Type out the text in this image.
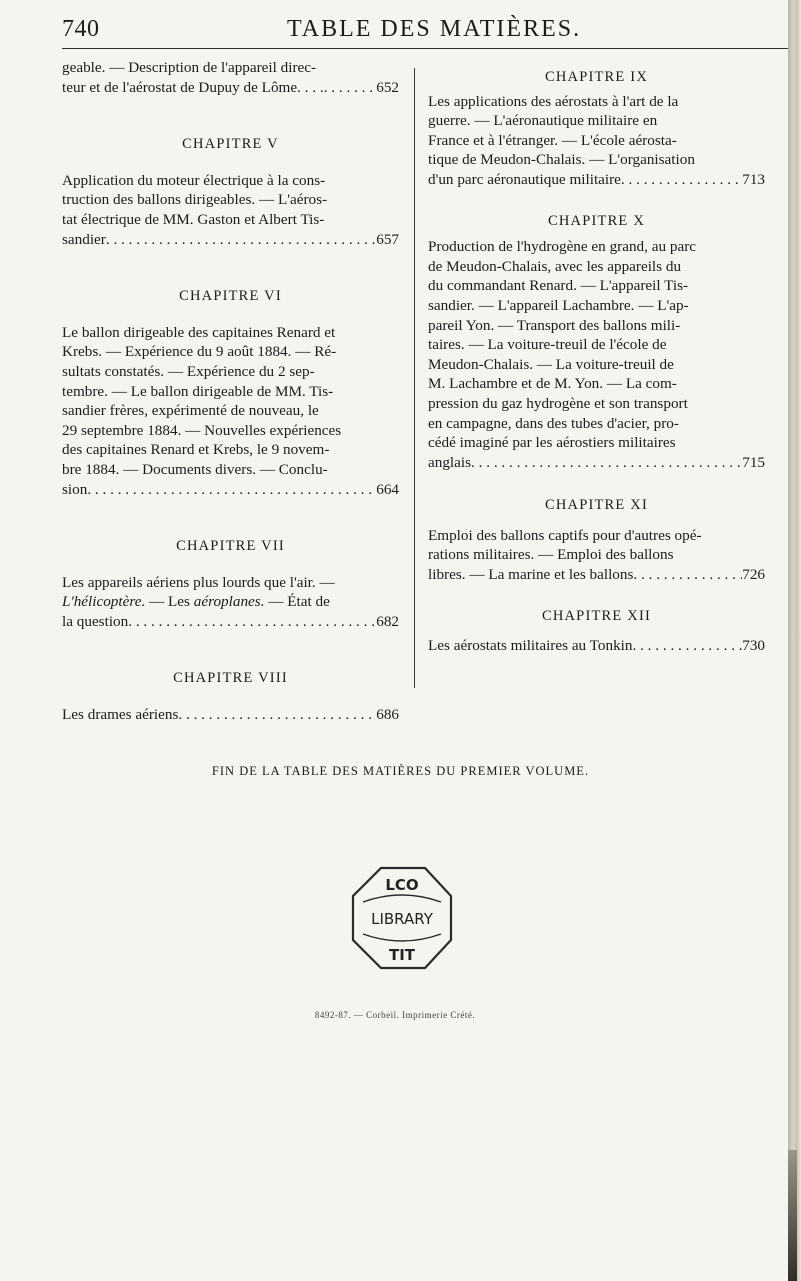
740	TABLE DES MATIÈRES.
geable. — Description de l'appareil direc-
teur et de l'aérostat de Dupuy de Lôme. . . . . . .	652

CHAPITRE V

Application du moteur électrique à la cons-
truction des ballons dirigeables. — L'aéros-
tat électrique de MM. Gaston et Albert Tis-
sandier . . .	657

CHAPITRE VI

Le ballon dirigeable des capitaines Renard et
Krebs. — Expérience du 9 août 1884. — Ré-
sultats constatés. — Expérience du 2 sep-
tembre. — Le ballon dirigeable de MM. Tis-
sandier frères, expérimenté de nouveau, le
29 septembre 1884. — Nouvelles expériences
des capitaines Renard et Krebs, le 9 novem-
bre 1884. — Documents divers. — Conclu-
sion . . .	664

CHAPITRE VII

Les appareils aériens plus lourds que l'air. —
L'hélicoptère. — Les aéroplanes. — État de
la question . . .	682

CHAPITRE VIII

Les drames aériens . . .	686

CHAPITRE IX

Les applications des aérostats à l'art de la
guerre. — L'aéronautique militaire en
France et à l'étranger. — L'école aérosta-
tique de Meudon-Chalais. — L'organisation
d'un parc aéronautique militaire . . .	713

CHAPITRE X

Production de l'hydrogène en grand, au parc
de Meudon-Chalais, avec les appareils du
du commandant Renard. — L'appareil Tis-
sandier. — L'appareil Lachambre. — L'ap-
pareil Yon. — Transport des ballons mili-
taires. — La voiture-treuil de l'école de
Meudon-Chalais. — La voiture-treuil de
M. Lachambre et de M. Yon. — La com-
pression du gaz hydrogène et son transport
en campagne, dans des tubes d'acier, pro-
cédé imaginé par les aérostiers militaires
anglais . . .	715

CHAPITRE XI

Emploi des ballons captifs pour d'autres opé-
rations militaires. — Emploi des ballons
libres. — La marine et les ballons . . .	726

CHAPITRE XII

Les aérostats militaires au Tonkin . . .	730
FIN DE LA TABLE DES MATIÈRES DU PREMIER VOLUME.
LCO
LIBRARY
TIT
8492-87. — Corbeil. Imprimerie Crété.
